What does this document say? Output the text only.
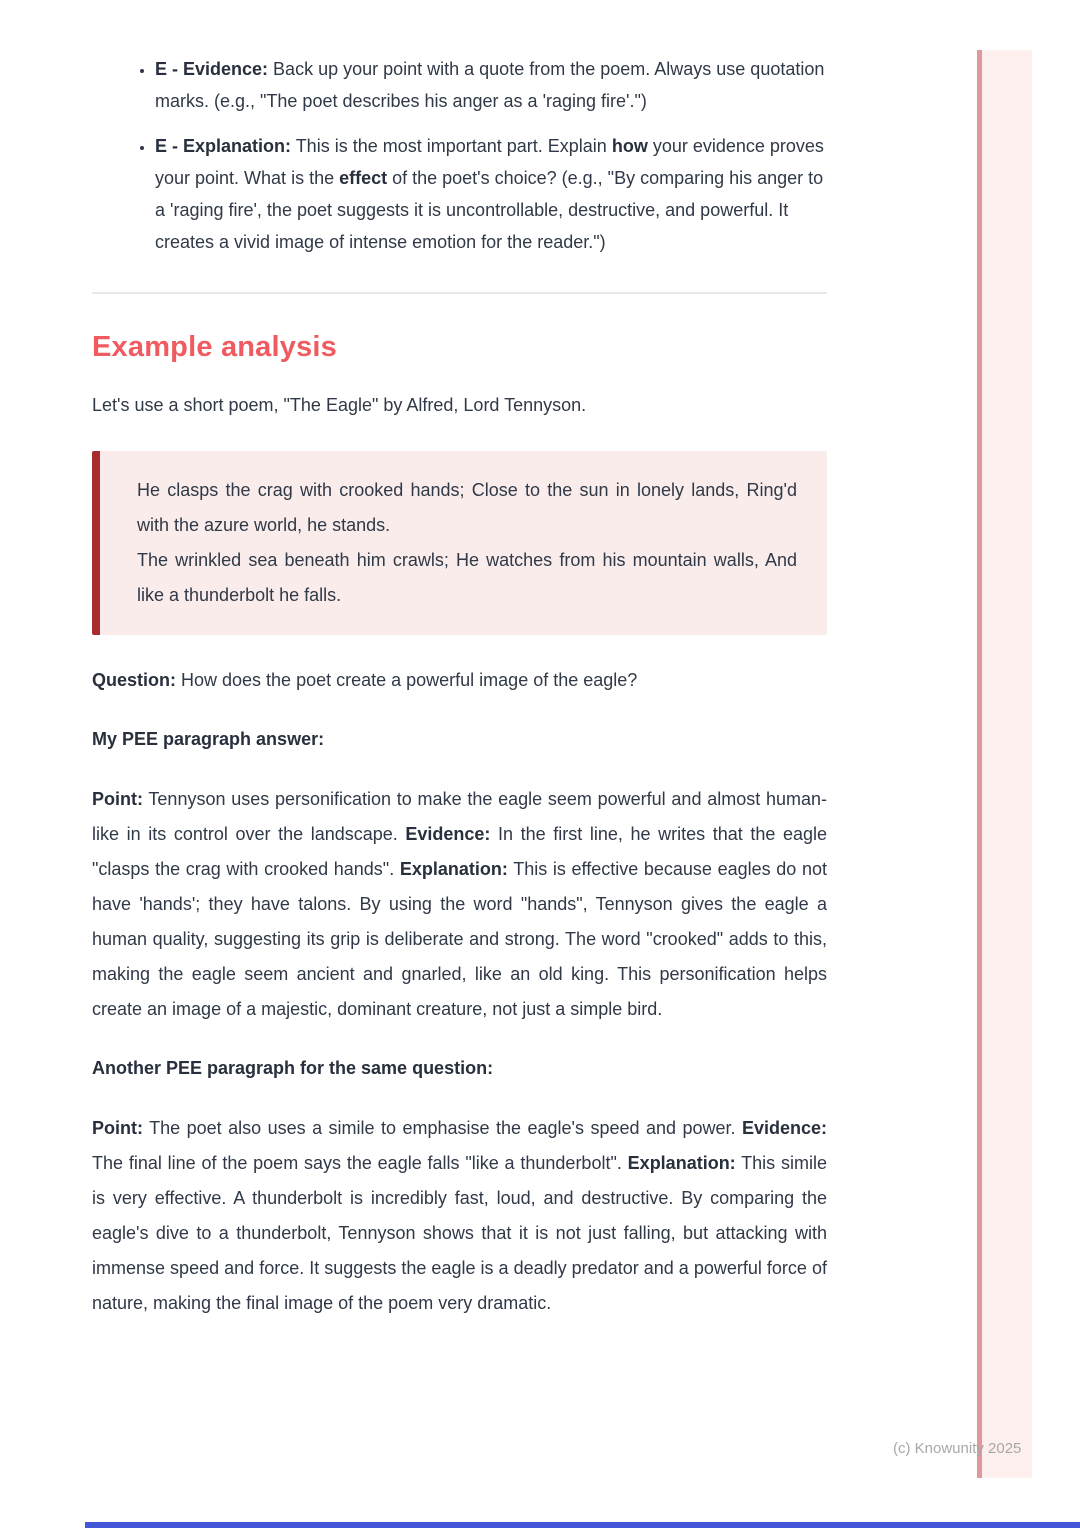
• E - Evidence: Back up your point with a quote from the poem. Always use quotation marks. (e.g., "The poet describes his anger as a 'raging fire'.")
• E - Explanation: This is the most important part. Explain how your evidence proves your point. What is the effect of the poet's choice? (e.g., "By comparing his anger to a 'raging fire', the poet suggests it is uncontrollable, destructive, and powerful. It creates a vivid image of intense emotion for the reader.")
Example analysis

Let's use a short poem, "The Eagle" by Alfred, Lord Tennyson.

He clasps the crag with crooked hands; Close to the sun in lonely lands, Ring'd with the azure world, he stands.
The wrinkled sea beneath him crawls; He watches from his mountain walls, And like a thunderbolt he falls.

Question: How does the poet create a powerful image of the eagle?

My PEE paragraph answer:

Point: Tennyson uses personification to make the eagle seem powerful and almost human-like in its control over the landscape. Evidence: In the first line, he writes that the eagle "clasps the crag with crooked hands". Explanation: This is effective because eagles do not have 'hands'; they have talons. By using the word "hands", Tennyson gives the eagle a human quality, suggesting its grip is deliberate and strong. The word "crooked" adds to this, making the eagle seem ancient and gnarled, like an old king. This personification helps create an image of a majestic, dominant creature, not just a simple bird.

Another PEE paragraph for the same question:

Point: The poet also uses a simile to emphasise the eagle's speed and power. Evidence: The final line of the poem says the eagle falls "like a thunderbolt". Explanation: This simile is very effective. A thunderbolt is incredibly fast, loud, and destructive. By comparing the eagle's dive to a thunderbolt, Tennyson shows that it is not just falling, but attacking with immense speed and force. It suggests the eagle is a deadly predator and a powerful force of nature, making the final image of the poem very dramatic.

(c) Knowunity 2025
